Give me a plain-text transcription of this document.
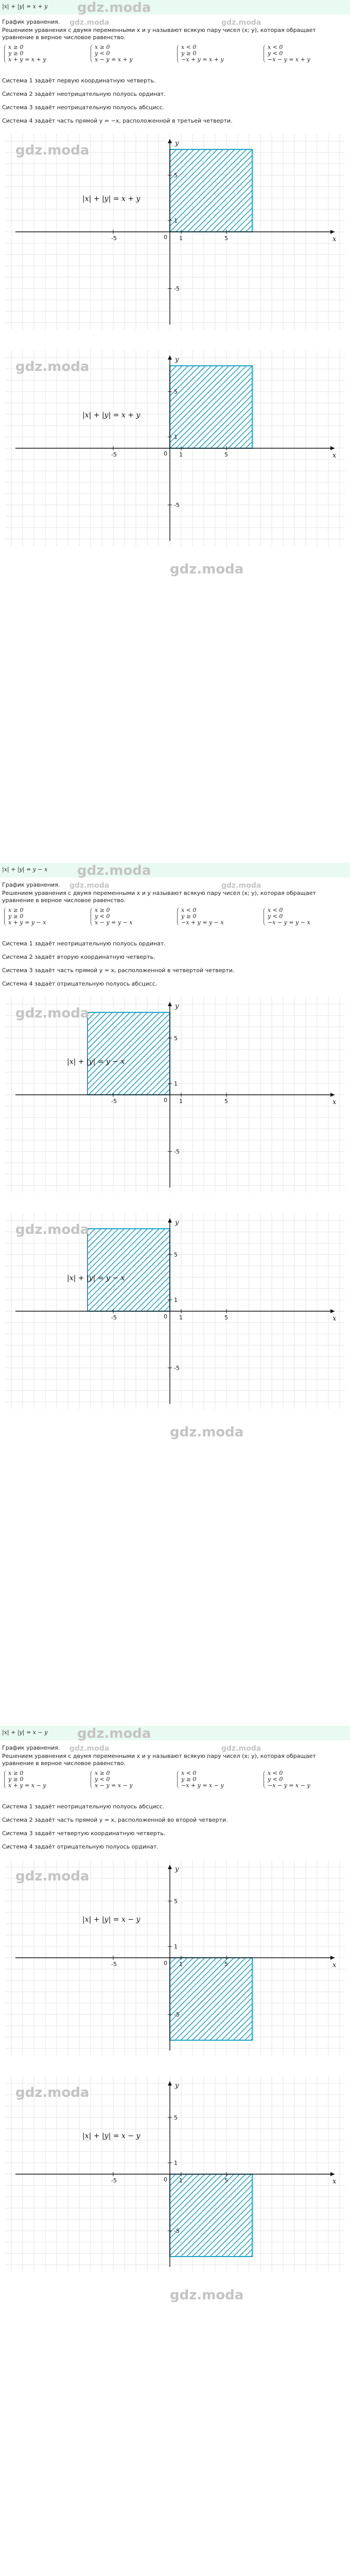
|x| + |y| = x + y gdz.moda
График уравнения. gdz.moda	gdz.moda
Решением уравнения с двумя переменными x и y называют всякую пару чисел (x; y), которая обращает уравнение в верное числовое равенство.
x ≥ 0
y ≥ 0
x + y = x + y
x ≥ 0
y < 0
x − y = x + y
x < 0
y ≥ 0
−x + y = x + y
x < 0
y < 0
−x − y = x + y
Система 1 задаёт первую координатную четверть.
Система 2 задаёт неотрицательную полуось ординат.
Система 3 задаёт неотрицательную полуось абсцисс.
Система 4 задаёт часть прямой y = −x, расположенной в третьей четверти.
-5	1	5
5
1
-5
0	x
y
|x| + |y| = x + y
gdz.moda
-5	1	5
5
1
-5
0	x
y
|x| + |y| = x + y
gdz.moda
gdz.moda
|x| + |y| = y − x gdz.moda
График уравнения. gdz.moda	gdz.moda
Решением уравнения с двумя переменными x и y называют всякую пару чисел (x; y), которая обращает уравнение в верное числовое равенство.
x ≥ 0
y ≥ 0
x + y = y − x
x ≥ 0
y < 0
x − y = y − x
x < 0
y ≥ 0
−x + y = y − x
x < 0
y < 0
−x − y = y − x
Система 1 задаёт неотрицательную полуось ординат.
Система 2 задаёт вторую координатную четверть.
Система 3 задаёт часть прямой y = x, расположенной в четвертой четверти.
Система 4 задаёт отрицательную полуось абсцисс.
-5	1	5
5
1
-5
0	x
y
|x| + |y| = y − x
gdz.moda
-5	1	5
5
1
-5
0	x
y
|x| + |y| = y − x
gdz.moda
gdz.moda
|x| + |y| = x − y gdz.moda
График уравнения. gdz.moda	gdz.moda
Решением уравнения с двумя переменными x и y называют всякую пару чисел (x; y), которая обращает уравнение в верное числовое равенство.
x ≥ 0
y ≥ 0
x + y = x − y
x ≥ 0
y < 0
x − y = x − y
x < 0
y ≥ 0
−x + y = x − y
x < 0
y < 0
−x − y = x − y
Система 1 задаёт неотрицательную полуось абсцисс.
Система 2 задаёт часть прямой y = x, расположенной во второй четверти.
Система 3 задаёт четвертую координатную четверть.
Система 4 задаёт отрицательную полуось ординат.
-5	1	5
5
1
-5
0	x
y
|x| + |y| = x − y
gdz.moda
-5	1	5
5
1
-5
0	x
y
|x| + |y| = x − y
gdz.moda
gdz.moda
